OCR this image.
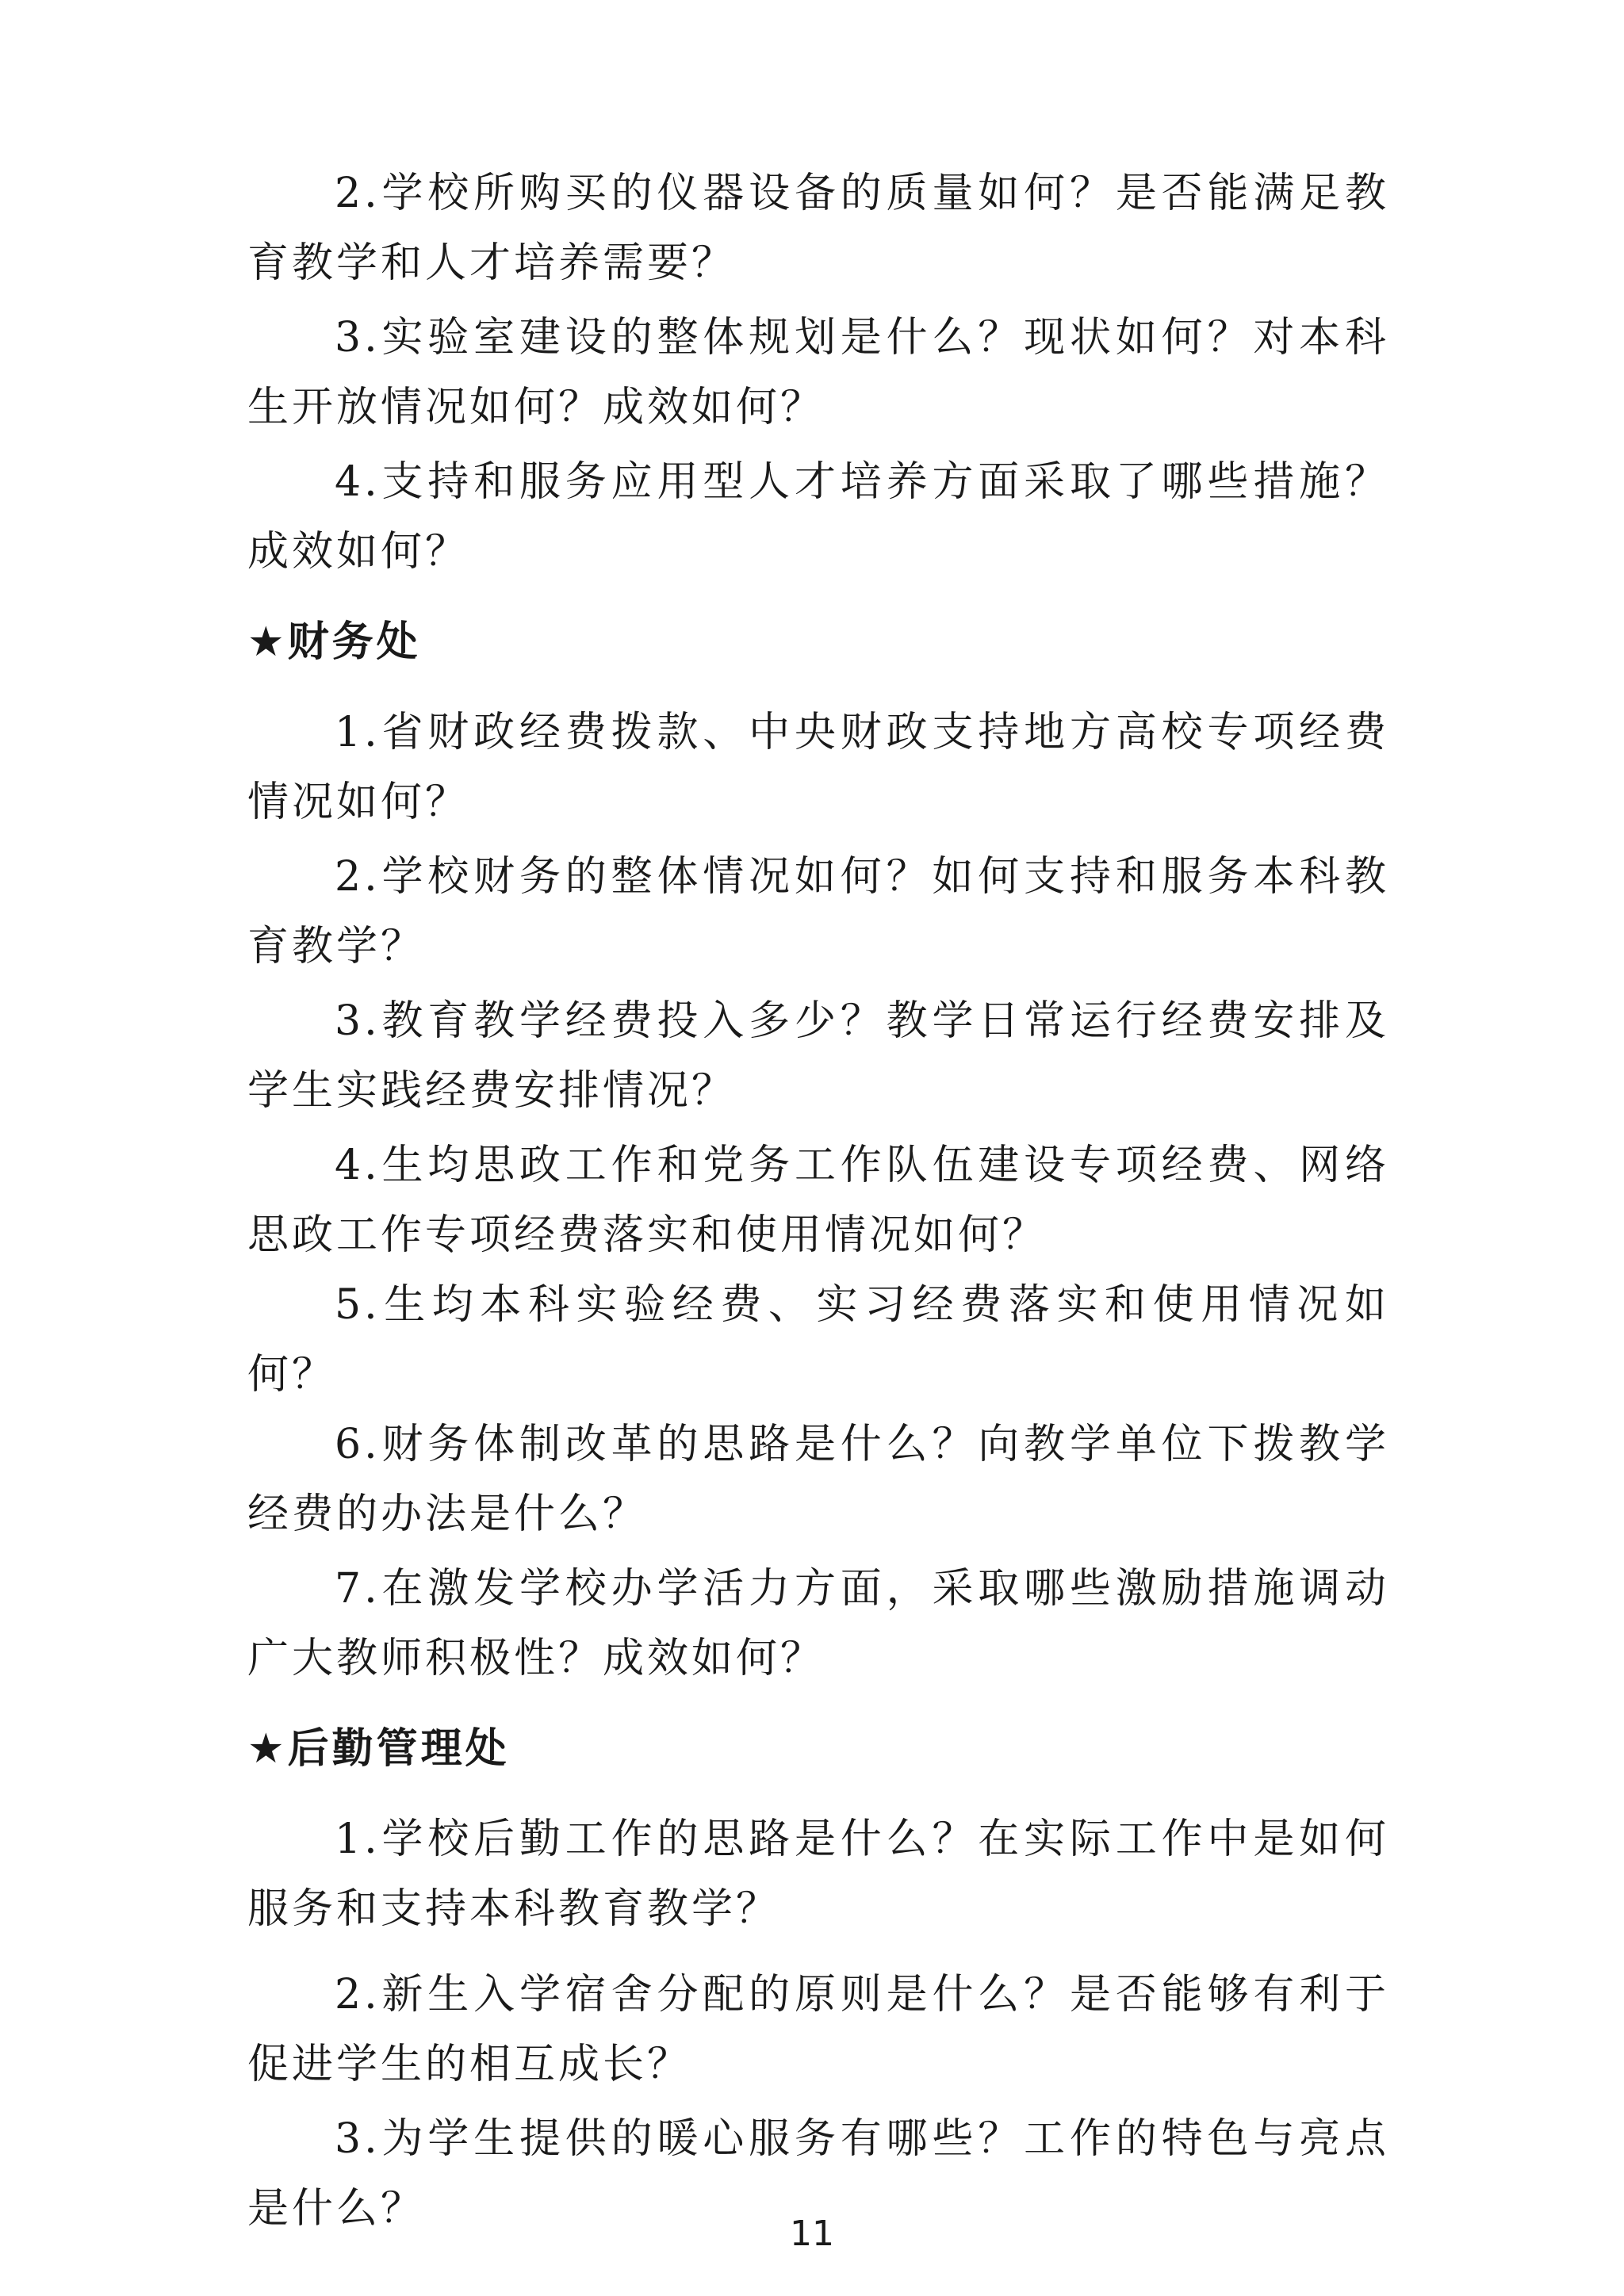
2.学校所购买的仪器设备的质量如何？是否能满足教育教学和人才培养需要？

3.实验室建设的整体规划是什么？现状如何？对本科生开放情况如何？成效如何？

4.支持和服务应用型人才培养方面采取了哪些措施？成效如何？

★财务处

1.省财政经费拨款、中央财政支持地方高校专项经费情况如何？

2.学校财务的整体情况如何？如何支持和服务本科教育教学？

3.教育教学经费投入多少？教学日常运行经费安排及学生实践经费安排情况？

4.生均思政工作和党务工作队伍建设专项经费、网络思政工作专项经费落实和使用情况如何？

5.生均本科实验经费、实习经费落实和使用情况如何？

6.财务体制改革的思路是什么？向教学单位下拨教学经费的办法是什么？

7.在激发学校办学活力方面，采取哪些激励措施调动广大教师积极性？成效如何？

★后勤管理处

1.学校后勤工作的思路是什么？在实际工作中是如何服务和支持本科教育教学？

2.新生入学宿舍分配的原则是什么？是否能够有利于促进学生的相互成长？

3.为学生提供的暖心服务有哪些？工作的特色与亮点是什么？

11
